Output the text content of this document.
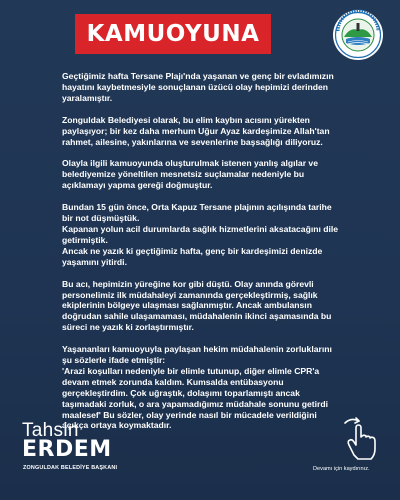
KAMUOYUNA

Geçtiğimiz hafta Tersane Plajı'nda yaşanan ve genç bir evladımızın
hayatını kaybetmesiyle sonuçlanan üzücü olay hepimizi derinden
yaralamıştır.

Zonguldak Belediyesi olarak, bu elim kaybın acısını yürekten
paylaşıyor; bir kez daha merhum Uğur Ayaz kardeşimize Allah'tan
rahmet, ailesine, yakınlarına ve sevenlerine başsağlığı diliyoruz.

Olayla ilgili kamuoyunda oluşturulmak istenen yanlış algılar ve
belediyemize yöneltilen mesnetsiz suçlamalar nedeniyle bu
açıklamayı yapma gereği doğmuştur.

Bundan 15 gün önce, Orta Kapuz Tersane plajının açılışında tarihe
bir not düşmüştük.
Kapanan yolun acil durumlarda sağlık hizmetlerini aksatacağını dile
getirmiştik.
Ancak ne yazık ki geçtiğimiz hafta, genç bir kardeşimizi denizde
yaşamını yitirdi.

Bu acı, hepimizin yüreğine kor gibi düştü. Olay anında görevli
personelimiz ilk müdahaleyi zamanında gerçekleştirmiş, sağlık
ekiplerinin bölgeye ulaşması sağlanmıştır. Ancak ambulansın
doğrudan sahile ulaşamaması, müdahalenin ikinci aşamasında bu
süreci ne yazık ki zorlaştırmıştır.

Yaşananları kamuoyuyla paylaşan hekim müdahalenin zorluklarını
şu sözlerle ifade etmiştir:
'Arazi koşulları nedeniyle bir elimle tutunup, diğer elimle CPR'a
devam etmek zorunda kaldım. Kumsalda entübasyonu
gerçekleştirdim. Çok uğraştık, dolaşımı toparlamıştı ancak
taşımadaki zorluk, o ara yapamadığımız müdahale sonunu getirdi
maalesef' Bu sözler, olay yerinde nasıl bir mücadele verildiğini
açıkça ortaya koymaktadır.

Tahsin
ERDEM
ZONGULDAK BELEDİYE BAŞKANI	Devamı için kaydırınız.
